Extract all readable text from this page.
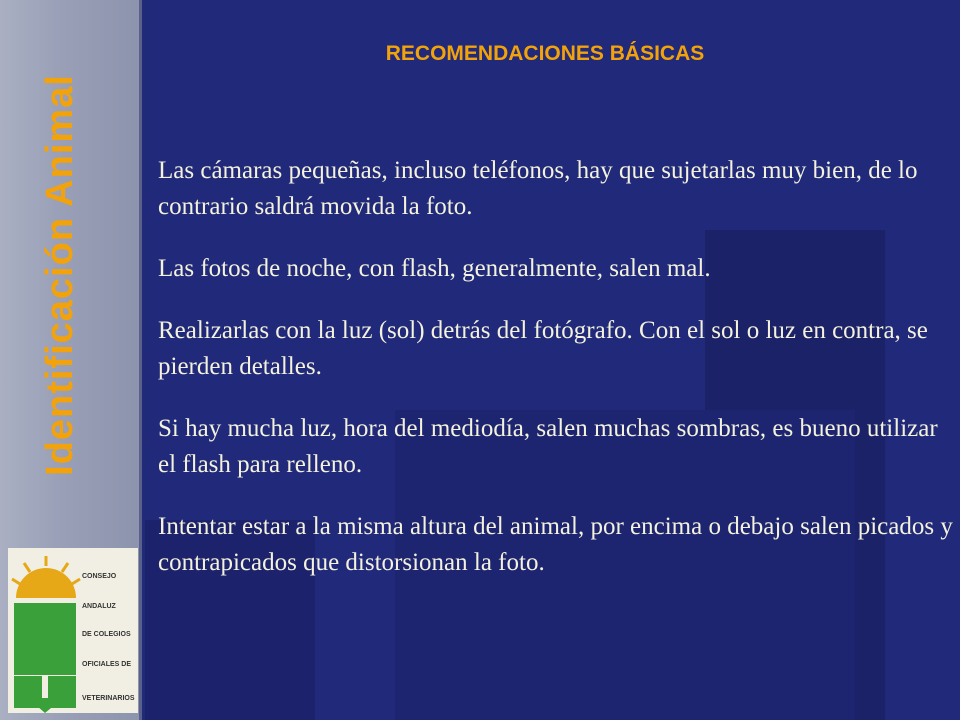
Identificación Animal
RECOMENDACIONES BÁSICAS

Las cámaras pequeñas, incluso teléfonos, hay que sujetarlas muy bien, de lo contrario saldrá movida la foto.

Las fotos de noche, con flash, generalmente, salen mal.

Realizarlas con la luz (sol) detrás del fotógrafo. Con el sol o luz en contra, se pierden detalles.

Si hay mucha luz, hora del mediodía, salen muchas sombras, es bueno utilizar el flash para relleno.

Intentar estar a la misma altura del animal, por encima o debajo salen picados y contrapicados que distorsionan la foto.

CONSEJO
ANDALUZ
DE COLEGIOS
OFICIALES DE
VETERINARIOS
